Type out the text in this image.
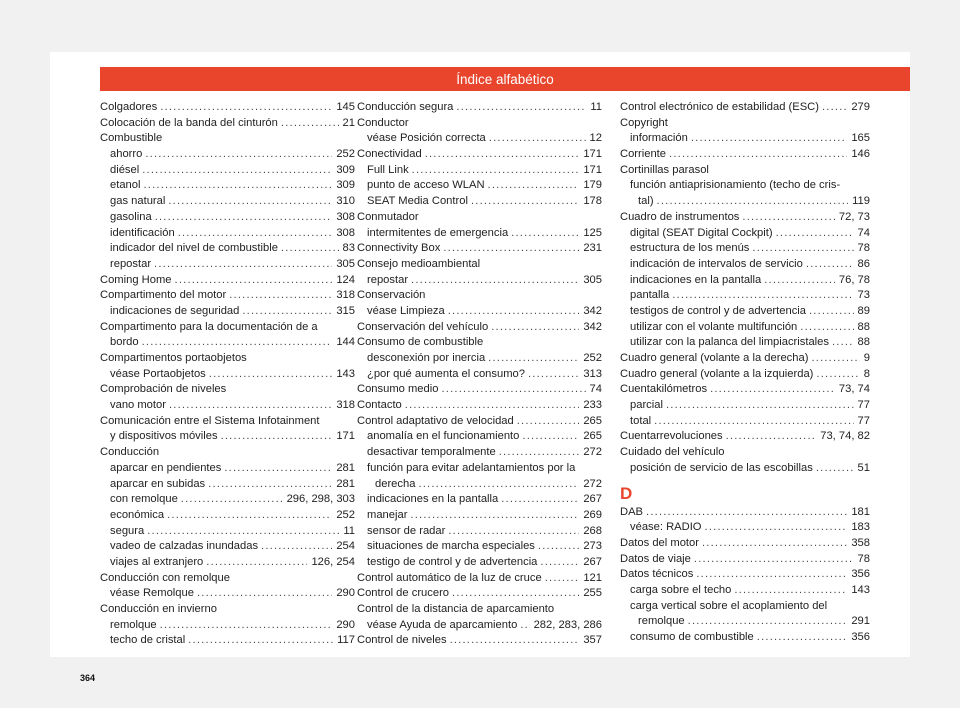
Índice alfabético
Colgadores .....	145
Colocación de la banda del cinturón .....	21
Combustible
ahorro .....	252
diésel .....	309
etanol .....	309
gas natural .....	310
gasolina .....	308
identificación .....	308
indicador del nivel de combustible .....	83
repostar .....	305
Coming Home .....	124
Compartimento del motor .....	318
indicaciones de seguridad .....	315
Compartimento para la documentación de a
bordo .....	144
Compartimentos portaobjetos
véase Portaobjetos .....	143
Comprobación de niveles
vano motor .....	318
Comunicación entre el Sistema Infotainment
y dispositivos móviles .....	171
Conducción
aparcar en pendientes .....	281
aparcar en subidas .....	281
con remolque .....	296, 298, 303
económica .....	252
segura .....	11
vadeo de calzadas inundadas .....	254
viajes al extranjero .....	126, 254
Conducción con remolque
véase Remolque .....	290
Conducción en invierno
remolque .....	290
techo de cristal .....	117
Conducción segura .....	11
Conductor
véase Posición correcta .....	12
Conectividad .....	171
Full Link .....	171
punto de acceso WLAN .....	179
SEAT Media Control .....	178
Conmutador
intermitentes de emergencia .....	125
Connectivity Box .....	231
Consejo medioambiental
repostar .....	305
Conservación
véase Limpieza .....	342
Conservación del vehículo .....	342
Consumo de combustible
desconexión por inercia .....	252
¿por qué aumenta el consumo? .....	313
Consumo medio .....	74
Contacto .....	233
Control adaptativo de velocidad .....	265
anomalía en el funcionamiento .....	265
desactivar temporalmente .....	272
función para evitar adelantamientos por la
derecha .....	272
indicaciones en la pantalla .....	267
manejar .....	269
sensor de radar .....	268
situaciones de marcha especiales .....	273
testigo de control y de advertencia .....	267
Control automático de la luz de cruce .....	121
Control de crucero .....	255
Control de la distancia de aparcamiento
véase Ayuda de aparcamiento ..... 282, 283, 286
Control de niveles .....	357
Control electrónico de estabilidad (ESC) .....	279
Copyright
información .....	165
Corriente .....	146
Cortinillas parasol
función antiaprisionamiento (techo de cris-
tal) .....	119
Cuadro de instrumentos .....	72, 73
digital (SEAT Digital Cockpit) .....	74
estructura de los menús .....	78
indicación de intervalos de servicio .....	86
indicaciones en la pantalla .....	76, 78
pantalla .....	73
testigos de control y de advertencia .....	89
utilizar con el volante multifunción .....	88
utilizar con la palanca del limpiacristales .....	88
Cuadro general (volante a la derecha) .....	9
Cuadro general (volante a la izquierda) .....	8
Cuentakilómetros .....	73, 74
parcial .....	77
total .....	77
Cuentarrevoluciones .....	73, 74, 82
Cuidado del vehículo
posición de servicio de las escobillas .....	51
D
DAB .....	181
véase: RADIO .....	183
Datos del motor .....	358
Datos de viaje .....	78
Datos técnicos .....	356
carga sobre el techo .....	143
carga vertical sobre el acoplamiento del
remolque .....	291
consumo de combustible .....	356
364
